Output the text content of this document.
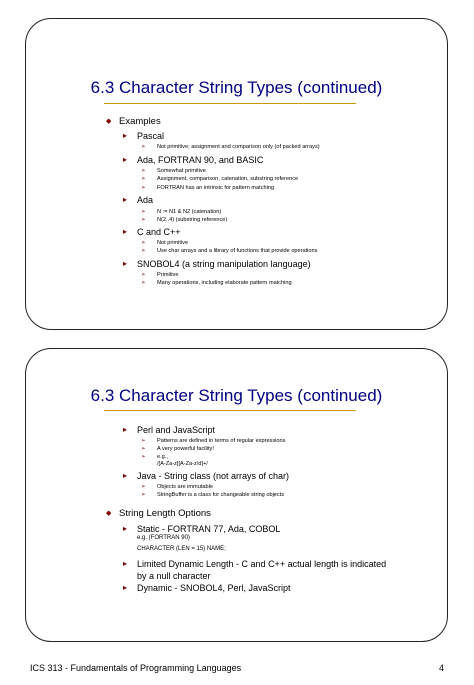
6.3 Character String Types (continued)
◆ Examples
▸ Pascal
➢ Not primitive; assignment and comparison only (of packed arrays)
▸ Ada, FORTRAN 90, and BASIC
➢ Somewhat primitive
➢ Assignment, comparison, catenation, substring reference
➢ FORTRAN has an intrinsic for pattern matching
▸ Ada
➢ N := N1 & N2 (catenation)
➢ N(2..4) (substring reference)
▸ C and C++
➢ Not primitive
➢ Use char arrays and a library of functions that provide operations
▸ SNOBOL4 (a string manipulation language)
➢ Primitive
➢ Many operations, including elaborate pattern matching
6.3 Character String Types (continued)
▸ Perl and JavaScript
➢ Patterns are defined in terms of regular expressions
➢ A very powerful facility!
➢ e.g.,
/[A-Za-z][A-Za-z\d]+/
▸ Java - String class (not arrays of char)
➢ Objects are immutable
➢ StringBuffer is a class for changeable string objects
◆ String Length Options
▸ Static - FORTRAN 77, Ada, COBOL
e.g. (FORTRAN 90)
CHARACTER (LEN = 15) NAME;
▸ Limited Dynamic Length - C and C++ actual length is indicated
by a null character
▸ Dynamic - SNOBOL4, Perl, JavaScript
ICS 313 - Fundamentals of Programming Languages	4
